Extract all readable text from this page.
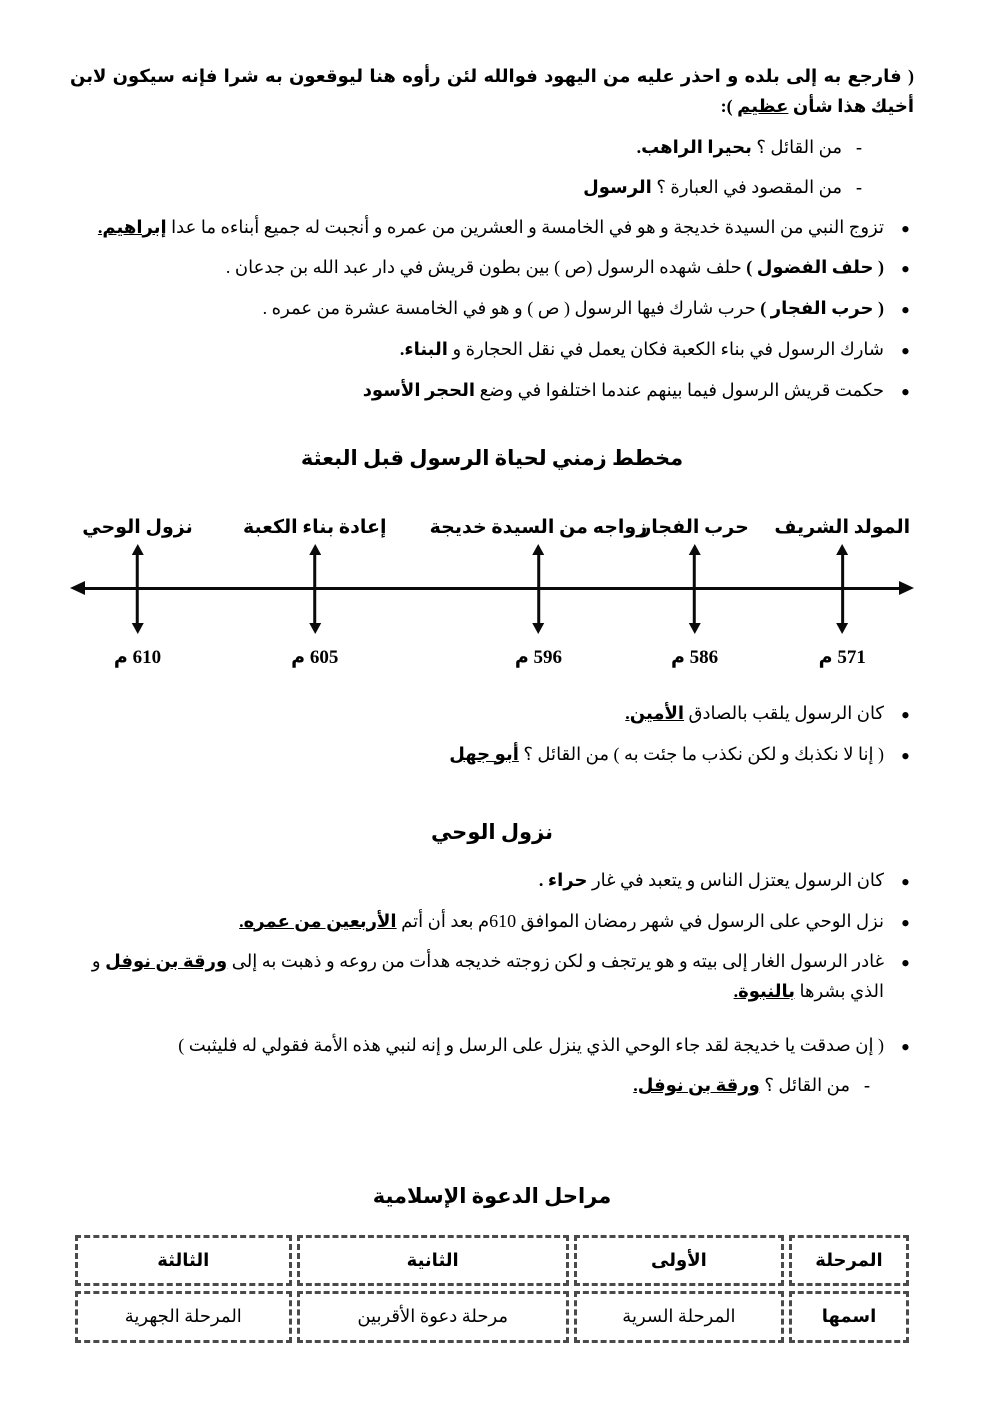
( فارجع به إلى بلده و احذر عليه من اليهود فوالله لئن رأوه هنا ليوقعون به شرا فإنه سيكون لابن أخيك هذا شأن عظيم ):

- من القائل ؟ بحيرا الراهب.
- من المقصود في العبارة ؟ الرسول
• تزوج النبي من السيدة خديجة و هو في الخامسة و العشرين من عمره و أنجبت له جميع أبناءه ما عدا إبراهيم.
• ( حلف الفضول ) حلف شهده الرسول (ص ) بين بطون قريش في دار عبد الله بن جدعان .
• ( حرب الفجار ) حرب شارك فيها الرسول ( ص ) و هو في الخامسة عشرة من عمره .
• شارك الرسول في بناء الكعبة فكان يعمل في نقل الحجارة و البناء.
• حكمت قريش الرسول فيما بينهم عندما اختلفوا في وضع الحجر الأسود
مخطط زمني لحياة الرسول قبل البعثة
المولد الشريف
571 م
حرب الفجار
586 م
زواجه من السيدة خديجة
596 م
إعادة بناء الكعبة
605 م
نزول الوحي
610 م
• كان الرسول يلقب بالصادق الأمين.
• ( إنا لا نكذبك و لكن نكذب ما جئت به ) من القائل ؟ أبو جهل
نزول الوحي
• كان الرسول يعتزل الناس و يتعبد في غار حراء .
• نزل الوحي على الرسول في شهر رمضان الموافق 610م بعد أن أتم الأربعين من عمره.
• غادر الرسول الغار إلى بيته و هو يرتجف و لكن زوجته خديجه هدأت من روعه و ذهبت به إلى ورقة بن نوفل و الذي بشرها بالنبوة.
• ( إن صدقت يا خديجة لقد جاء الوحي الذي ينزل على الرسل و إنه لنبي هذه الأمة فقولي له فليثبت )
- من القائل ؟ ورقة بن نوفل.
مراحل الدعوة الإسلامية
المرحلة	الأولى	الثانية	الثالثة
اسمها	المرحلة السرية	مرحلة دعوة الأقربين	المرحلة الجهرية
